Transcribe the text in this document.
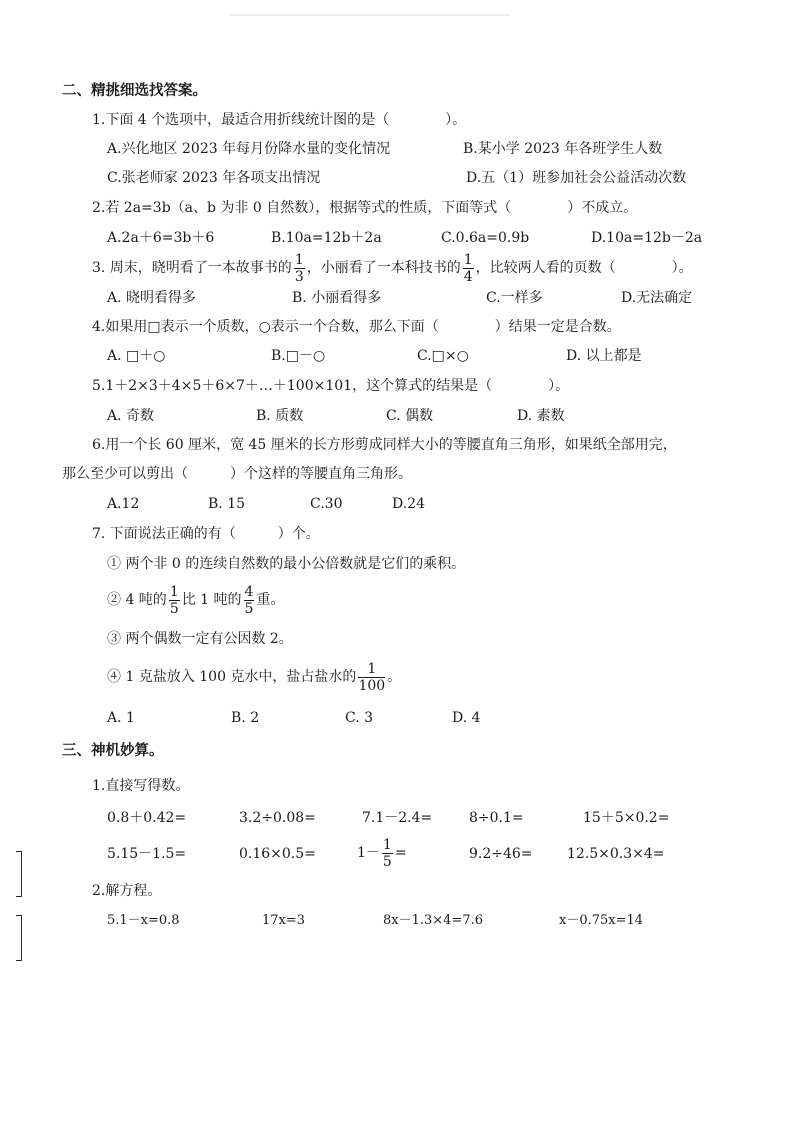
二、精挑细选找答案。
1.下面 4 个选项中，最适合用折线统计图的是（　　　　）。
A.兴化地区 2023 年每月份降水量的变化情况	B.某小学 2023 年各班学生人数
C.张老师家 2023 年各项支出情况	D.五（1）班参加社会公益活动次数
2.若 2a=3b（a、b 为非 0 自然数），根据等式的性质，下面等式（　　　　）不成立。
A.2a＋6=3b＋6	B.10a=12b＋2a	C.0.6a=0.9b	D.10a=12b－2a
3. 周末，晓明看了一本故事书的 $\frac{1}{3}$ ，小丽看了一本科技书的 $\frac{1}{4}$ ，比较两人看的页数（　　　　）。
A. 晓明看得多	B. 小丽看得多	C.一样多	D.无法确定
4.如果用□表示一个质数，○表示一个合数，那么下面（　　　　）结果一定是合数。
A. □＋○	B.□－○	C.□×○	D. 以上都是
5.1＋2×3＋4×5＋6×7＋…＋100×101，这个算式的结果是（　　　　）。
A. 奇数	B. 质数	C. 偶数	D. 素数
6.用一个长 60 厘米，宽 45 厘米的长方形剪成同样大小的等腰直角三角形，如果纸全部用完，
那么至少可以剪出（　　　）个这样的等腰直角三角形。
A.12	B. 15	C.30	D.24
7. 下面说法正确的有（　　　）个。
① 两个非 0 的连续自然数的最小公倍数就是它们的乘积。
② 4 吨的 $\frac{1}{5}$ 比 1 吨的 $\frac{4}{5}$ 重。
③ 两个偶数一定有公因数 2。
④ 1 克盐放入 100 克水中，盐占盐水的 $\frac{1}{100}$ 。
A. 1	B. 2	C. 3	D. 4
三、神机妙算。
1.直接写得数。
0.8＋0.42=	3.2÷0.08=	7.1－2.4=	8÷0.1=	15＋5×0.2=
5.15－1.5=	0.16×0.5=	$1- \frac{1}{5}$ =	9.2÷46= 12.5×0.3×4=
2.解方程。
5.1－x=0.8	17x=3	8x－1.3×4=7.6	x－0.75x=14
